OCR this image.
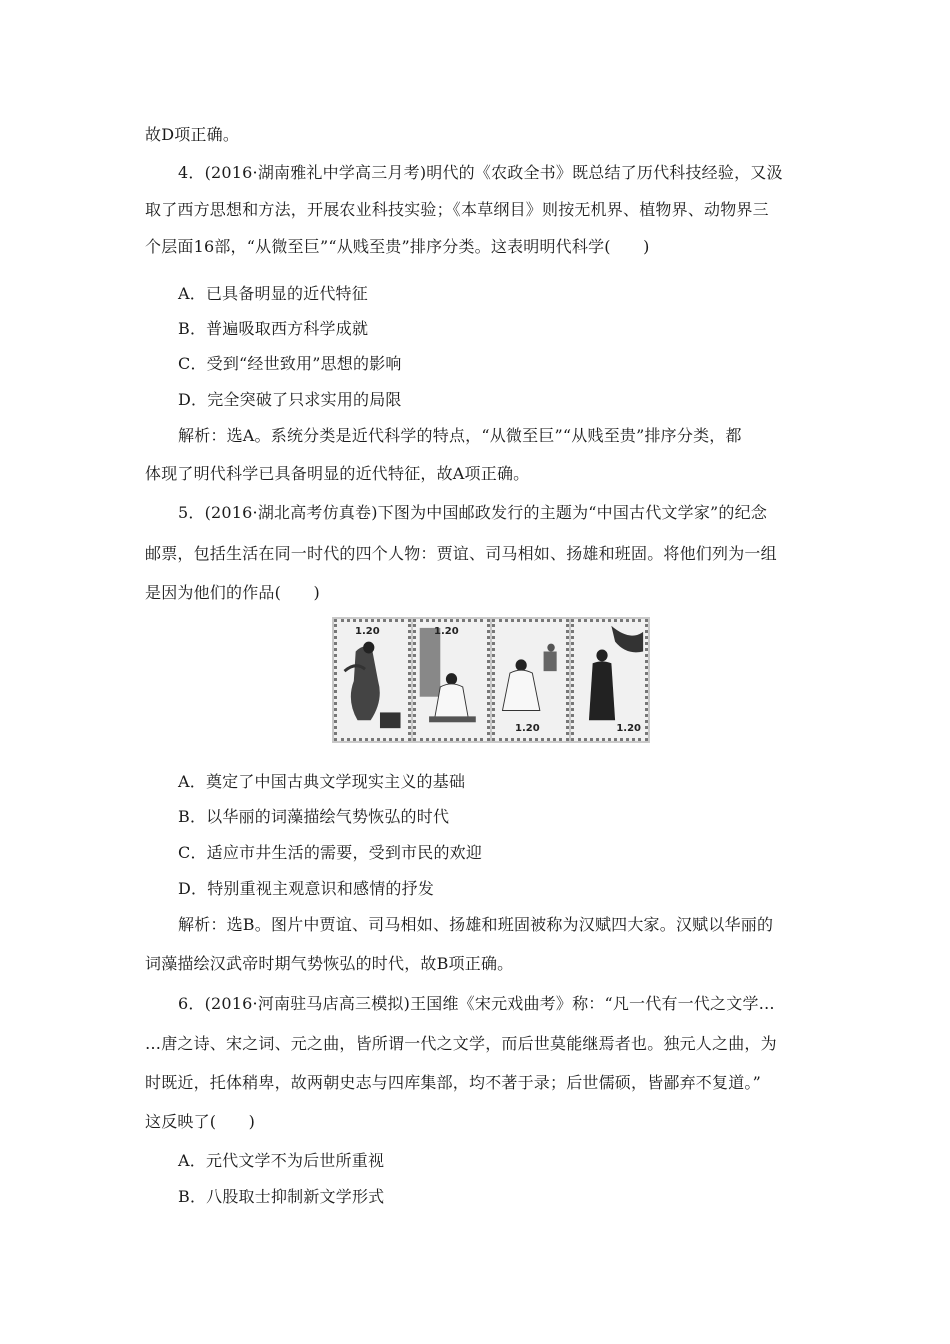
故D项正确。
4．(2016·湖南雅礼中学高三月考)明代的《农政全书》既总结了历代科技经验，又汲
取了西方思想和方法，开展农业科技实验；《本草纲目》则按无机界、植物界、动物界三
个层面16部，“从微至巨”“从贱至贵”排序分类。这表明明代科学(　　)
A．已具备明显的近代特征
B．普遍吸取西方科学成就
C．受到“经世致用”思想的影响
D．完全突破了只求实用的局限
解析：选A。系统分类是近代科学的特点，“从微至巨”“从贱至贵”排序分类，都
体现了明代科学已具备明显的近代特征，故A项正确。
5．(2016·湖北高考仿真卷)下图为中国邮政发行的主题为“中国古代文学家”的纪念
邮票，包括生活在同一时代的四个人物：贾谊、司马相如、扬雄和班固。将他们列为一组
是因为他们的作品(　　)
1.20	1.20
1.20	1.20
A．奠定了中国古典文学现实主义的基础
B．以华丽的词藻描绘气势恢弘的时代
C．适应市井生活的需要，受到市民的欢迎
D．特别重视主观意识和感情的抒发
解析：选B。图片中贾谊、司马相如、扬雄和班固被称为汉赋四大家。汉赋以华丽的
词藻描绘汉武帝时期气势恢弘的时代，故B项正确。
6．(2016·河南驻马店高三模拟)王国维《宋元戏曲考》称：“凡一代有一代之文学…
…唐之诗、宋之词、元之曲，皆所谓一代之文学，而后世莫能继焉者也。独元人之曲，为
时既近，托体稍卑，故两朝史志与四库集部，均不著于录；后世儒硕，皆鄙弃不复道。”
这反映了(　　)
A．元代文学不为后世所重视
B．八股取士抑制新文学形式
